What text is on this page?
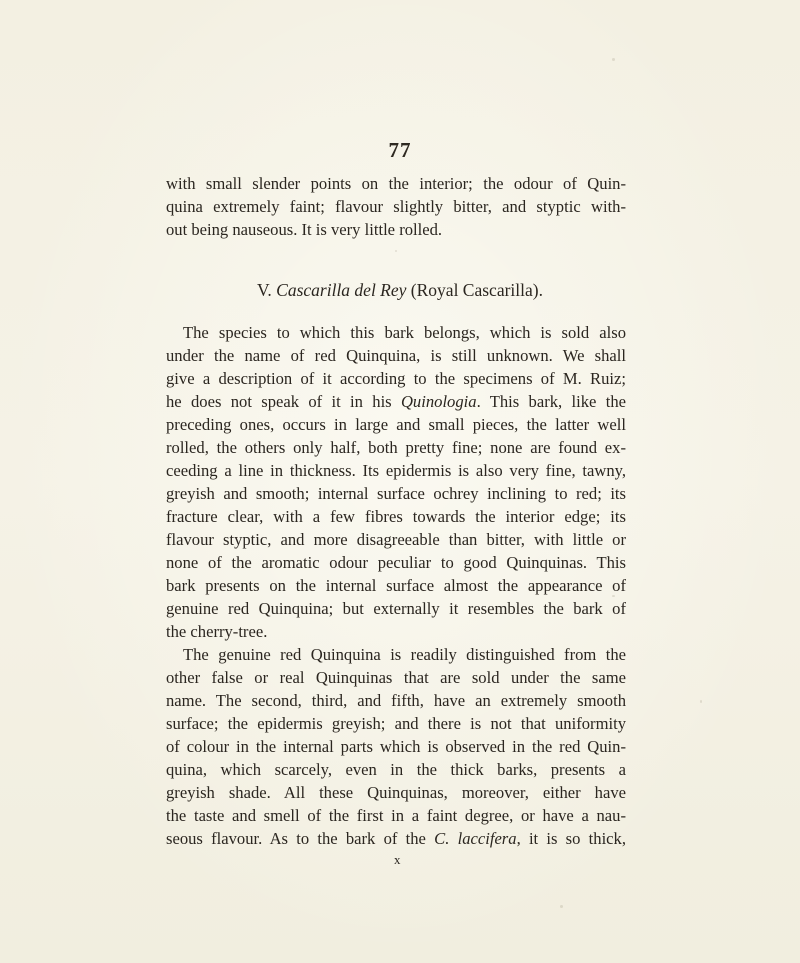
77
with small slender points on the interior; the odour of Quin-
quina extremely faint; flavour slightly bitter, and styptic with-
out being nauseous. It is very little rolled.
V. Cascarilla del Rey (Royal Cascarilla).
The species to which this bark belongs, which is sold also
under the name of red Quinquina, is still unknown. We shall
give a description of it according to the specimens of M. Ruiz;
he does not speak of it in his Quinologia. This bark, like the
preceding ones, occurs in large and small pieces, the latter well
rolled, the others only half, both pretty fine; none are found ex-
ceeding a line in thickness. Its epidermis is also very fine, tawny,
greyish and smooth; internal surface ochrey inclining to red; its
fracture clear, with a few fibres towards the interior edge; its
flavour styptic, and more disagreeable than bitter, with little or
none of the aromatic odour peculiar to good Quinquinas. This
bark presents on the internal surface almost the appearance of
genuine red Quinquina; but externally it resembles the bark of
the cherry-tree.
The genuine red Quinquina is readily distinguished from the
other false or real Quinquinas that are sold under the same
name. The second, third, and fifth, have an extremely smooth
surface; the epidermis greyish; and there is not that uniformity
of colour in the internal parts which is observed in the red Quin-
quina, which scarcely, even in the thick barks, presents a
greyish shade. All these Quinquinas, moreover, either have
the taste and smell of the first in a faint degree, or have a nau-
seous flavour. As to the bark of the C. laccifera, it is so thick,
x
